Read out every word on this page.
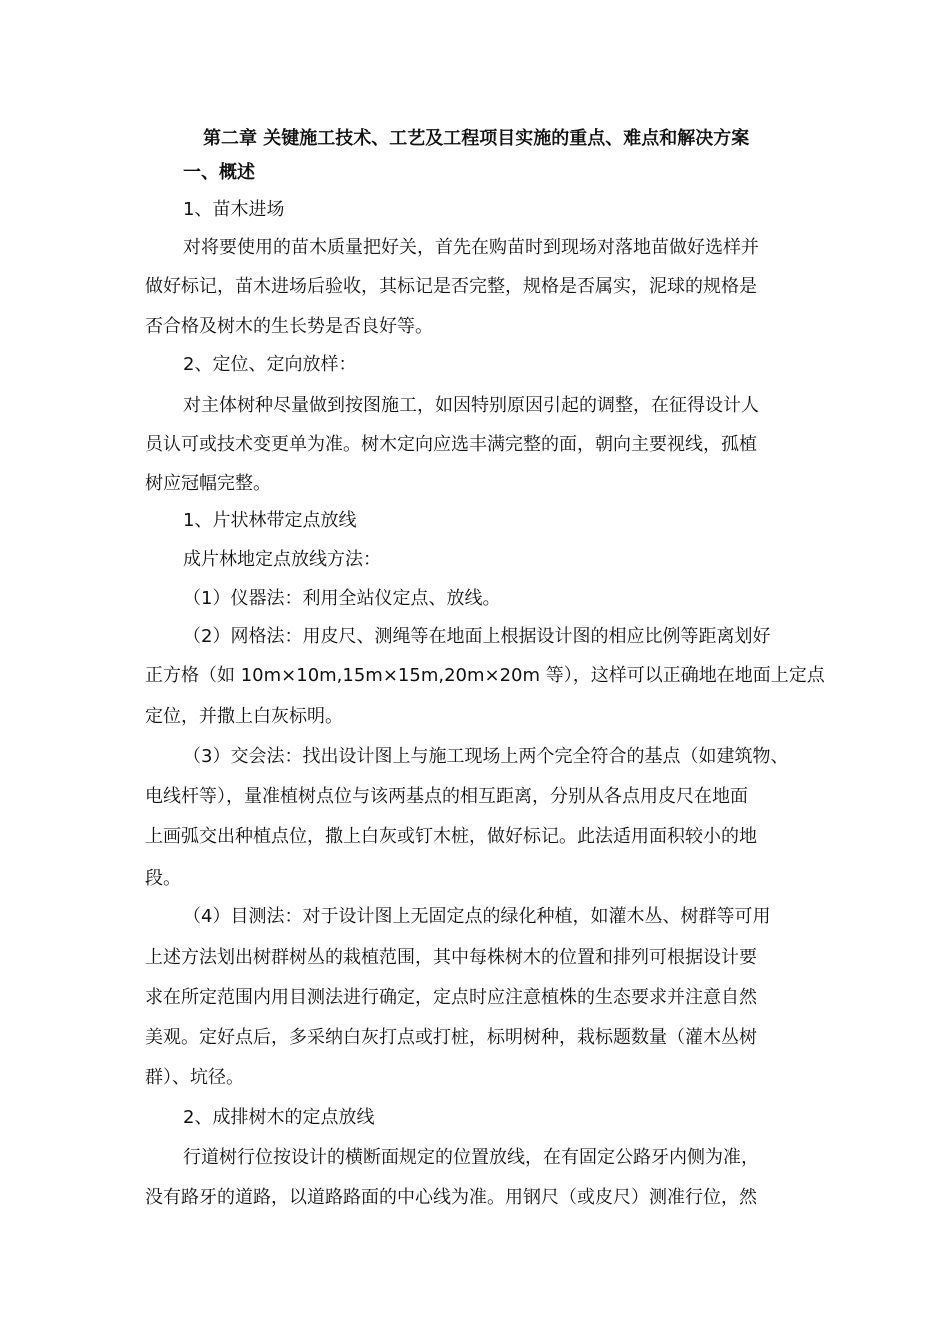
第二章 关键施工技术、工艺及工程项目实施的重点、难点和解决方案
一、概述
1、苗木进场
对将要使用的苗木质量把好关，首先在购苗时到现场对落地苗做好选样并
做好标记，苗木进场后验收，其标记是否完整，规格是否属实，泥球的规格是
否合格及树木的生长势是否良好等。
2、定位、定向放样：
对主体树种尽量做到按图施工，如因特别原因引起的调整，在征得设计人
员认可或技术变更单为准。树木定向应选丰满完整的面，朝向主要视线，孤植
树应冠幅完整。
1、片状林带定点放线
成片林地定点放线方法：
（1）仪器法：利用全站仪定点、放线。
（2）网格法：用皮尺、测绳等在地面上根据设计图的相应比例等距离划好
正方格（如 10m×10m,15m×15m,20m×20m 等），这样可以正确地在地面上定点
定位，并撒上白灰标明。
（3）交会法：找出设计图上与施工现场上两个完全符合的基点（如建筑物、
电线杆等），量准植树点位与该两基点的相互距离，分别从各点用皮尺在地面
上画弧交出种植点位，撒上白灰或钉木桩，做好标记。此法适用面积较小的地
段。
（4）目测法：对于设计图上无固定点的绿化种植，如灌木丛、树群等可用
上述方法划出树群树丛的栽植范围，其中每株树木的位置和排列可根据设计要
求在所定范围内用目测法进行确定，定点时应注意植株的生态要求并注意自然
美观。定好点后，多采纳白灰打点或打桩，标明树种，栽标题数量（灌木丛树
群）、坑径。
2、成排树木的定点放线
行道树行位按设计的横断面规定的位置放线，在有固定公路牙内侧为准，
没有路牙的道路，以道路路面的中心线为准。用钢尺（或皮尺）测准行位，然
